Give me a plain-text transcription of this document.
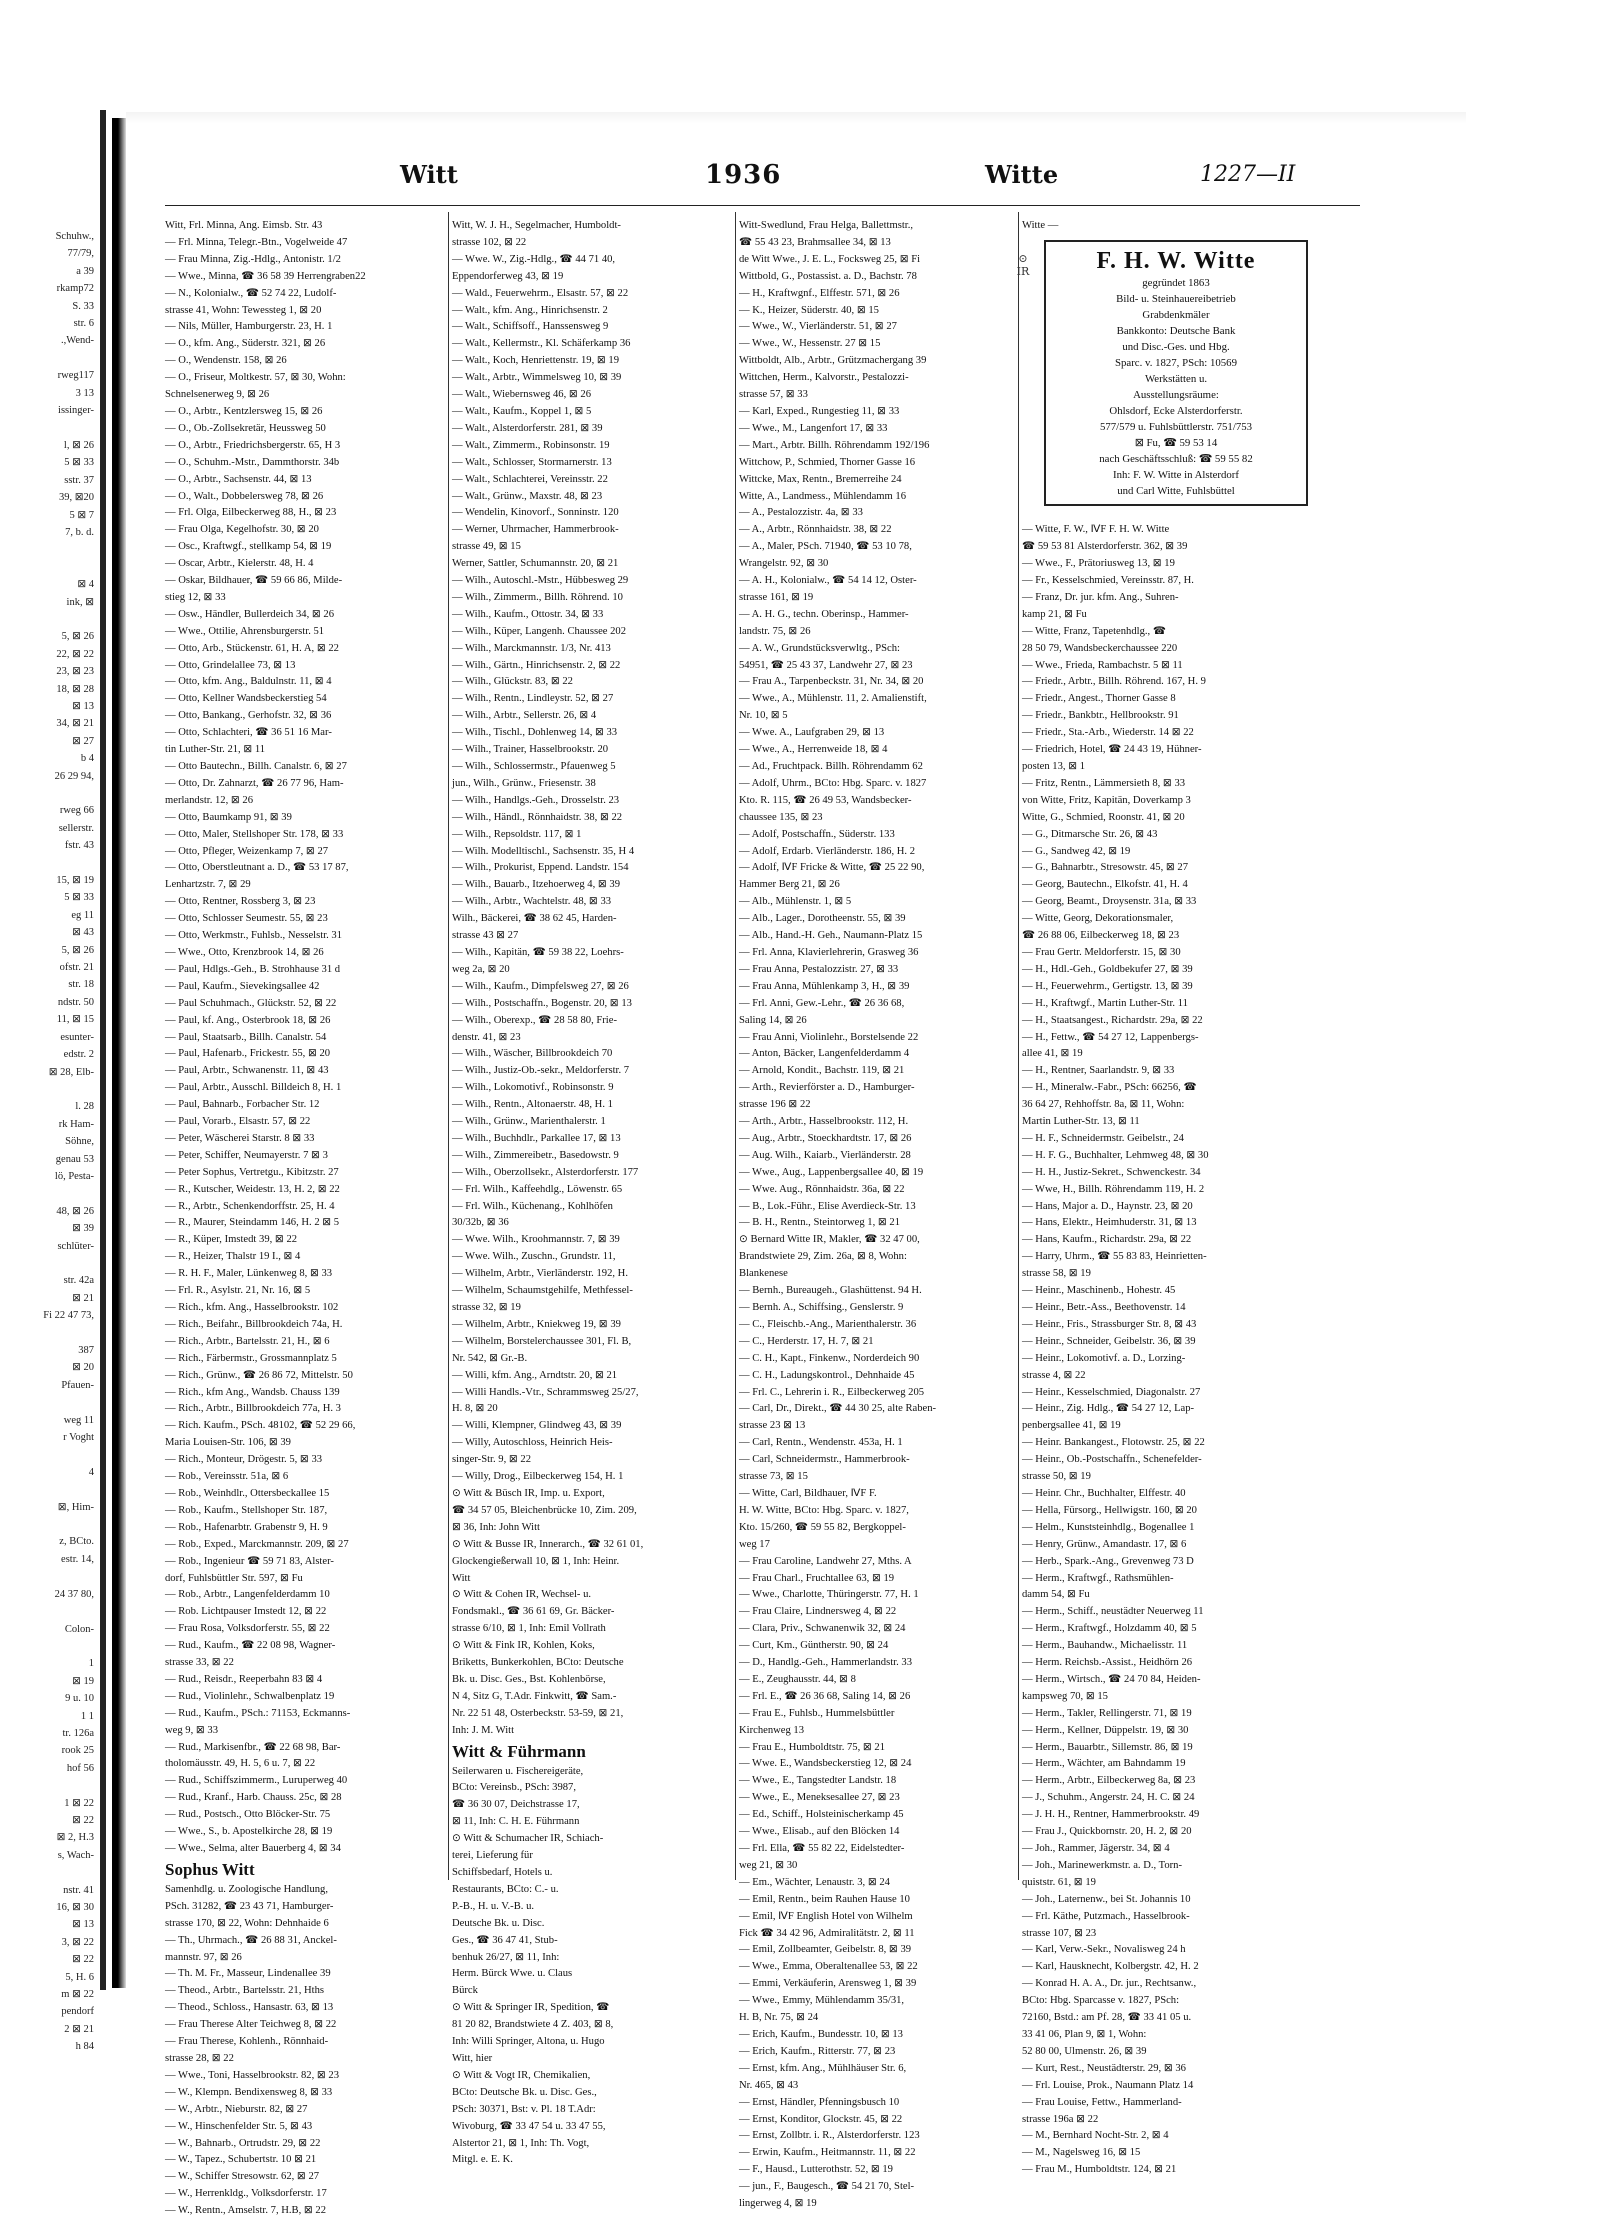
Schuhw.,
77/79,
a 39
rkamp72
S. 33
str. 6
.,Wend-

rweg117
3 13
issinger-

l, ⊠ 26
5 ⊠ 33
sstr. 37
39, ⊠20
5 ⊠ 7
7, b. d.

⊠ 4
ink, ⊠

5, ⊠ 26
22, ⊠ 22
23, ⊠ 23
18, ⊠ 28
⊠ 13
34, ⊠ 21
⊠ 27
b 4
26 29 94,

rweg 66
sellerstr.
fstr. 43

15, ⊠ 19
5 ⊠ 33
eg 11
⊠ 43
5, ⊠ 26
ofstr. 21
str. 18
ndstr. 50
11, ⊠ 15
esunter-
edstr. 2
⊠ 28, Elb-

l. 28
rk Ham-
Söhne,
genau 53
lö, Pesta-

48, ⊠ 26
⊠ 39
schlüter-

str. 42a
⊠ 21
Fi 22 47 73,

387
⊠ 20
Pfauen-

weg 11
r Voght

4

⊠, Him-

z, BCto.
estr. 14,

24 37 80,

Colon-

1
⊠ 19
9 u. 10
1 1
tr. 126a
rook 25
hof 56

1 ⊠ 22
⊠ 22
⊠ 2, H.3
s, Wach-

nstr. 41
16, ⊠ 30
⊠ 13
3, ⊠ 22
⊠ 22
5, H. 6
m ⊠ 22
pendorf
2 ⊠ 21
h 84
Witt	1936	Witte	1227—II
Witt, Frl. Minna, Ang. Eimsb. Str. 43
— Frl. Minna, Telegr.-Btn., Vogelweide 47
— Frau Minna, Zig.-Hdlg., Antonistr. 1/2
— Wwe., Minna, ☎ 36 58 39 Herrengraben22
— N., Kolonialw., ☎ 52 74 22, Ludolf-
strasse 41, Wohn: Tewessteg 1, ⊠ 20
— Nils, Müller, Hamburgerstr. 23, H. 1
— O., kfm. Ang., Süderstr. 321, ⊠ 26
— O., Wendenstr. 158, ⊠ 26
— O., Friseur, Moltkestr. 57, ⊠ 30, Wohn:
Schnelsenerweg 9, ⊠ 26
— O., Arbtr., Kentzlersweg 15, ⊠ 26
— O., Ob.-Zollsekretär, Heussweg 50
— O., Arbtr., Friedrichsbergerstr. 65, H 3
— O., Schuhm.-Mstr., Dammthorstr. 34b
— O., Arbtr., Sachsenstr. 44, ⊠ 13
— O., Walt., Dobbelersweg 78, ⊠ 26
— Frl. Olga, Eilbeckerweg 88, H., ⊠ 23
— Frau Olga, Kegelhofstr. 30, ⊠ 20
— Osc., Kraftwgf., stellkamp 54, ⊠ 19
— Oscar, Arbtr., Kielerstr. 48, H. 4
— Oskar, Bildhauer, ☎ 59 66 86, Milde-
stieg 12, ⊠ 33
— Osw., Händler, Bullerdeich 34, ⊠ 26
— Wwe., Ottilie, Ahrensburgerstr. 51
— Otto, Arb., Stückenstr. 61, H. A, ⊠ 22
— Otto, Grindelallee 73, ⊠ 13
— Otto, kfm. Ang., Baldulnstr. 11, ⊠ 4
— Otto, Kellner Wandsbeckerstieg 54
— Otto, Bankang., Gerhofstr. 32, ⊠ 36
— Otto, Schlachteri, ☎ 36 51 16 Mar-
tin Luther-Str. 21, ⊠ 11
— Otto Bautechn., Billh. Canalstr. 6, ⊠ 27
— Otto, Dr. Zahnarzt, ☎ 26 77 96, Ham-
merlandstr. 12, ⊠ 26
— Otto, Baumkamp 91, ⊠ 39
— Otto, Maler, Stellshoper Str. 178, ⊠ 33
— Otto, Pfleger, Weizenkamp 7, ⊠ 27
— Otto, Oberstleutnant a. D., ☎ 53 17 87,
Lenhartzstr. 7, ⊠ 29
— Otto, Rentner, Rossberg 3, ⊠ 23
— Otto, Schlosser Seumestr. 55, ⊠ 23
— Otto, Werkmstr., Fuhlsb., Nesselstr. 31
— Wwe., Otto, Krenzbrook 14, ⊠ 26
— Paul, Hdlgs.-Geh., B. Strohhause 31 d
— Paul, Kaufm., Sievekingsallee 42
— Paul Schuhmach., Glückstr. 52, ⊠ 22
— Paul, kf. Ang., Osterbrook 18, ⊠ 26
— Paul, Staatsarb., Billh. Canalstr. 54
— Paul, Hafenarb., Frickestr. 55, ⊠ 20
— Paul, Arbtr., Schwanenstr. 11, ⊠ 43
— Paul, Arbtr., Ausschl. Billdeich 8, H. 1
— Paul, Bahnarb., Forbacher Str. 12
— Paul, Vorarb., Elsastr. 57, ⊠ 22
— Peter, Wäscherei Starstr. 8 ⊠ 33
— Peter, Schiffer, Neumayerstr. 7 ⊠ 3
— Peter Sophus, Vertretgu., Kibitzstr. 27
— R., Kutscher, Weidestr. 13, H. 2, ⊠ 22
— R., Arbtr., Schenkendorffstr. 25, H. 4
— R., Maurer, Steindamm 146, H. 2 ⊠ 5
— R., Küper, Imstedt 39, ⊠ 22
— R., Heizer, Thalstr 19 I., ⊠ 4
— R. H. F., Maler, Lünkenweg 8, ⊠ 33
— Frl. R., Asylstr. 21, Nr. 16, ⊠ 5
— Rich., kfm. Ang., Hasselbrookstr. 102
— Rich., Beifahr., Billbrookdeich 74a, H.
— Rich., Arbtr., Bartelsstr. 21, H., ⊠ 6
— Rich., Färbermstr., Grossmannplatz 5
— Rich., Grünw., ☎ 26 86 72, Mittelstr. 50
— Rich., kfm Ang., Wandsb. Chauss 139
— Rich., Arbtr., Billbrookdeich 77a, H. 3
— Rich. Kaufm., PSch. 48102, ☎ 52 29 66,
Maria Louisen-Str. 106, ⊠ 39
— Rich., Monteur, Drögestr. 5, ⊠ 33
— Rob., Vereinsstr. 51a, ⊠ 6
— Rob., Weinhdlr., Ottersbeckallee 15
— Rob., Kaufm., Stellshoper Str. 187,
— Rob., Hafenarbtr. Grabenstr 9, H. 9
— Rob., Exped., Marckmannstr. 209, ⊠ 27
— Rob., Ingenieur ☎ 59 71 83, Alster-
dorf, Fuhlsbüttler Str. 597, ⊠ Fu
— Rob., Arbtr., Langenfelderdamm 10
— Rob. Lichtpauser Imstedt 12, ⊠ 22
— Frau Rosa, Volksdorferstr. 55, ⊠ 22
— Rud., Kaufm., ☎ 22 08 98, Wagner-
strasse 33, ⊠ 22
— Rud., Reisdr., Reeperbahn 83 ⊠ 4
— Rud., Violinlehr., Schwalbenplatz 19
— Rud., Kaufm., PSch.: 71153, Eckmanns-
weg 9, ⊠ 33
— Rud., Markisenfbr., ☎ 22 68 98, Bar-
tholomäusstr. 49, H. 5, 6 u. 7, ⊠ 22
— Rud., Schiffszimmerm., Luruperweg 40
— Rud., Kranf., Harb. Chauss. 25c, ⊠ 28
— Rud., Postsch., Otto Blöcker-Str. 75
— Wwe., S., b. Apostelkirche 28, ⊠ 19
— Wwe., Selma, alter Bauerberg 4, ⊠ 34
Sophus Witt
Samenhdlg. u. Zoologische Handlung,
PSch. 31282, ☎ 23 43 71, Hamburger-
strasse 170, ⊠ 22, Wohn: Dehnhaide 6
— Th., Uhrmach., ☎ 26 88 31, Anckel-
mannstr. 97, ⊠ 26
— Th. M. Fr., Masseur, Lindenallee 39
— Theod., Arbtr., Bartelsstr. 21, Hths
— Theod., Schloss., Hansastr. 63, ⊠ 13
— Frau Therese Alter Teichweg 8, ⊠ 22
— Frau Therese, Kohlenh., Rönnhaid-
strasse 28, ⊠ 22
— Wwe., Toni, Hasselbrookstr. 82, ⊠ 23
— W., Klempn. Bendixensweg 8, ⊠ 33
— W., Arbtr., Nieburstr. 82, ⊠ 27
— W., Hinschenfelder Str. 5, ⊠ 43
— W., Bahnarb., Ortrudstr. 29, ⊠ 22
— W., Tapez., Schubertstr. 10 ⊠ 21
— W., Schiffer Stresowstr. 62, ⊠ 27
— W., Herrenkldg., Volksdorferstr. 17
— W., Rentn., Amselstr. 7, H.B, ⊠ 22
Witt, W. J. H., Segelmacher, Humboldt-
strasse 102, ⊠ 22
— Wwe. W., Zig.-Hdlg., ☎ 44 71 40,
Eppendorferweg 43, ⊠ 19
— Wald., Feuerwehrm., Elsastr. 57, ⊠ 22
— Walt., kfm. Ang., Hinrichsenstr. 2
— Walt., Schiffsoff., Hanssensweg 9
— Walt., Kellermstr., Kl. Schäferkamp 36
— Walt., Koch, Henriettenstr. 19, ⊠ 19
— Walt., Arbtr., Wimmelsweg 10, ⊠ 39
— Walt., Wiebernsweg 46, ⊠ 26
— Walt., Kaufm., Koppel 1, ⊠ 5
— Walt., Alsterdorferstr. 281, ⊠ 39
— Walt., Zimmerm., Robinsonstr. 19
— Walt., Schlosser, Stormarnerstr. 13
— Walt., Schlachterei, Vereinsstr. 22
— Walt., Grünw., Maxstr. 48, ⊠ 23
— Wendelin, Kinovorf., Sonninstr. 120
— Werner, Uhrmacher, Hammerbrook-
strasse 49, ⊠ 15
Werner, Sattler, Schumannstr. 20, ⊠ 21
— Wilh., Autoschl.-Mstr., Hübbesweg 29
— Wilh., Zimmerm., Billh. Röhrend. 10
— Wilh., Kaufm., Ottostr. 34, ⊠ 33
— Wilh., Küper, Langenh. Chaussee 202
— Wilh., Marckmannstr. 1/3, Nr. 413
— Wilh., Gärtn., Hinrichsenstr. 2, ⊠ 22
— Wilh., Glückstr. 83, ⊠ 22
— Wilh., Rentn., Lindleystr. 52, ⊠ 27
— Wilh., Arbtr., Sellerstr. 26, ⊠ 4
— Wilh., Tischl., Dohlenweg 14, ⊠ 33
— Wilh., Trainer, Hasselbrookstr. 20
— Wilh., Schlossermstr., Pfauenweg 5
jun., Wilh., Grünw., Friesenstr. 38
— Wilh., Handlgs.-Geh., Drosselstr. 23
— Wilh., Händl., Rönnhaidstr. 38, ⊠ 22
— Wilh., Repsoldstr. 117, ⊠ 1
— Wilh. Modelltischl., Sachsenstr. 35, H 4
— Wilh., Prokurist, Eppend. Landstr. 154
— Wilh., Bauarb., Itzehoerweg 4, ⊠ 39
— Wilh., Arbtr., Wachtelstr. 48, ⊠ 33
Wilh., Bäckerei, ☎ 38 62 45, Harden-
strasse 43 ⊠ 27
— Wilh., Kapitän, ☎ 59 38 22, Loehrs-
weg 2a, ⊠ 20
— Wilh., Kaufm., Dimpfelsweg 27, ⊠ 26
— Wilh., Postschaffn., Bogenstr. 20, ⊠ 13
— Wilh., Oberexp., ☎ 28 58 80, Frie-
denstr. 41, ⊠ 23
— Wilh., Wäscher, Billbrookdeich 70
— Wilh., Justiz-Ob.-sekr., Meldorferstr. 7
— Wilh., Lokomotivf., Robinsonstr. 9
— Wilh., Rentn., Altonaerstr. 48, H. 1
— Wilh., Grünw., Marienthalerstr. 1
— Wilh., Buchhdlr., Parkallee 17, ⊠ 13
— Wilh., Zimmereibetr., Basedowstr. 9
— Wilh., Oberzollsekr., Alsterdorferstr. 177
— Frl. Wilh., Kaffeehdlg., Löwenstr. 65
— Frl. Wilh., Küchenang., Kohlhöfen
30/32b, ⊠ 36
— Wwe. Wilh., Kroohmannstr. 7, ⊠ 39
— Wwe. Wilh., Zuschn., Grundstr. 11,
— Wilhelm, Arbtr., Vierländerstr. 192, H.
— Wilhelm, Schaumstgehilfe, Methfessel-
strasse 32, ⊠ 19
— Wilhelm, Arbtr., Kniekweg 19, ⊠ 39
— Wilhelm, Borstelerchaussee 301, Fl. B,
Nr. 542, ⊠ Gr.-B.
— Willi, kfm. Ang., Arndtstr. 20, ⊠ 21
— Willi Handls.-Vtr., Schrammsweg 25/27,
H. 8, ⊠ 20
— Willi, Klempner, Glindweg 43, ⊠ 39
— Willy, Autoschloss, Heinrich Heis-
singer-Str. 9, ⊠ 22
— Willy, Drog., Eilbeckerweg 154, H. 1
⊙ Witt & Büsch IR, Imp. u. Export,
☎ 34 57 05, Bleichenbrücke 10, Zim. 209,
⊠ 36, Inh: John Witt
⊙ Witt & Busse IR, Innerarch., ☎ 32 61 01,
Glockengießerwall 10, ⊠ 1, Inh: Heinr.
Witt
⊙ Witt & Cohen IR, Wechsel- u.
Fondsmakl., ☎ 36 61 69, Gr. Bäcker-
strasse 6/10, ⊠ 1, Inh: Emil Vollrath
⊙ Witt & Fink IR, Kohlen, Koks,
Briketts, Bunkerkohlen, BCto: Deutsche
Bk. u. Disc. Ges., Bst. Kohlenbörse,
N 4, Sitz G, T.Adr. Finkwitt, ☎ Sam.-
Nr. 22 51 48, Osterbeckstr. 53-59, ⊠ 21,
Inh: J. M. Witt
Witt & Führmann
Seilerwaren u. Fischereigeräte,
BCto: Vereinsb., PSch: 3987,
☎ 36 30 07, Deichstrasse 17,
⊠ 11, Inh: C. H. E. Führmann
⊙ Witt & Schumacher IR, Schiach-
terei, Lieferung für
Schiffsbedarf, Hotels u.
Restaurants, BCto: C.- u.
P.-B., H. u. V.-B. u.
Deutsche Bk. u. Disc.
Ges., ☎ 36 47 41, Stub-
benhuk 26/27, ⊠ 11, Inh:
Herm. Bürck Wwe. u. Claus
Bürck
⊙ Witt & Springer IR, Spedition, ☎
81 20 82, Brandstwiete 4 Z. 403, ⊠ 8,
Inh: Willi Springer, Altona, u. Hugo
Witt, hier
⊙ Witt & Vogt IR, Chemikalien,
BCto: Deutsche Bk. u. Disc. Ges.,
PSch: 30371, Bst: v. Pl. 18 T.Adr:
Wivoburg, ☎ 33 47 54 u. 33 47 55,
Alstertor 21, ⊠ 1, Inh: Th. Vogt,
Mitgl. e. E. K.
Witt-Swedlund, Frau Helga, Ballettmstr.,
☎ 55 43 23, Brahmsallee 34, ⊠ 13
de Witt Wwe., J. E. L., Focksweg 25, ⊠ Fi
Wittbold, G., Postassist. a. D., Bachstr. 78
— H., Kraftwgnf., Elffestr. 571, ⊠ 26
— K., Heizer, Süderstr. 40, ⊠ 15
— Wwe., W., Vierländerstr. 51, ⊠ 27
— Wwe., W., Hessenstr. 27 ⊠ 15
Wittboldt, Alb., Arbtr., Grützmachergang 39
Wittchen, Herm., Kalvorstr., Pestalozzi-
strasse 57, ⊠ 33
— Karl, Exped., Rungestieg 11, ⊠ 33
— Wwe., M., Langenfort 17, ⊠ 33
— Mart., Arbtr. Billh. Röhrendamm 192/196
Wittchow, P., Schmied, Thorner Gasse 16
Wittcke, Max, Rentn., Bremerreihe 24
Witte, A., Landmess., Mühlendamm 16
— A., Pestalozzistr. 4a, ⊠ 33
— A., Arbtr., Rönnhaidstr. 38, ⊠ 22
— A., Maler, PSch. 71940, ☎ 53 10 78,
Wrangelstr. 92, ⊠ 30
— A. H., Kolonialw., ☎ 54 14 12, Oster-
strasse 161, ⊠ 19
— A. H. G., techn. Oberinsp., Hammer-
landstr. 75, ⊠ 26
— A. W., Grundstücksverwltg., PSch:
54951, ☎ 25 43 37, Landwehr 27, ⊠ 23
— Frau A., Tarpenbeckstr. 31, Nr. 34, ⊠ 20
— Wwe., A., Mühlenstr. 11, 2. Amalienstift,
Nr. 10, ⊠ 5
— Wwe. A., Laufgraben 29, ⊠ 13
— Wwe., A., Herrenweide 18, ⊠ 4
— Ad., Fruchtpack. Billh. Röhrendamm 62
— Adolf, Uhrm., BCto: Hbg. Sparc. v. 1827
Kto. R. 115, ☎ 26 49 53, Wandsbecker-
chaussee 135, ⊠ 23
— Adolf, Postschaffn., Süderstr. 133
— Adolf, Erdarb. Vierländerstr. 186, H. 2
— Adolf, ⅣF Fricke & Witte, ☎ 25 22 90,
Hammer Berg 21, ⊠ 26
— Alb., Mühlenstr. 1, ⊠ 5
— Alb., Lager., Dorotheenstr. 55, ⊠ 39
— Alb., Hand.-H. Geh., Naumann-Platz 15
— Frl. Anna, Klavierlehrerin, Grasweg 36
— Frau Anna, Pestalozzistr. 27, ⊠ 33
— Frau Anna, Mühlenkamp 3, H., ⊠ 39
— Frl. Anni, Gew.-Lehr., ☎ 26 36 68,
Saling 14, ⊠ 26
— Frau Anni, Violinlehr., Borstelsende 22
— Anton, Bäcker, Langenfelderdamm 4
— Arnold, Kondit., Bachstr. 119, ⊠ 21
— Arth., Revierförster a. D., Hamburger-
strasse 196 ⊠ 22
— Arth., Arbtr., Hasselbrookstr. 112, H.
— Aug., Arbtr., Stoeckhardtstr. 17, ⊠ 26
— Aug. Wilh., Kaiarb., Vierländerstr. 28
— Wwe., Aug., Lappenbergsallee 40, ⊠ 19
— Wwe. Aug., Rönnhaidstr. 36a, ⊠ 22
— B., Lok.-Führ., Elise Averdieck-Str. 13
— B. H., Rentn., Steintorweg 1, ⊠ 21
⊙ Bernard Witte IR, Makler, ☎ 32 47 00,
Brandstwiete 29, Zim. 26a, ⊠ 8, Wohn:
Blankenese
— Bernh., Bureaugeh., Glashüttenst. 94 H.
— Bernh. A., Schiffsing., Genslerstr. 9
— C., Fleischb.-Ang., Marienthalerstr. 36
— C., Herderstr. 17, H. 7, ⊠ 21
— C. H., Kapt., Finkenw., Norderdeich 90
— C. H., Ladungskontrol., Dehnhaide 45
— Frl. C., Lehrerin i. R., Eilbeckerweg 205
— Carl, Dr., Direkt., ☎ 44 30 25, alte Raben-
strasse 23 ⊠ 13
— Carl, Rentn., Wendenstr. 453a, H. 1
— Carl, Schneidermstr., Hammerbrook-
strasse 73, ⊠ 15
— Witte, Carl, Bildhauer, ⅣF F.
H. W. Witte, BCto: Hbg. Sparc. v. 1827,
Kto. 15/260, ☎ 59 55 82, Bergkoppel-
weg 17
— Frau Caroline, Landwehr 27, Mths. A
— Frau Charl., Fruchtallee 63, ⊠ 19
— Wwe., Charlotte, Thüringerstr. 77, H. 1
— Frau Claire, Lindnersweg 4, ⊠ 22
— Clara, Priv., Schwanenwik 32, ⊠ 24
— Curt, Km., Güntherstr. 90, ⊠ 24
— D., Handlg.-Geh., Hammerlandstr. 33
— E., Zeughausstr. 44, ⊠ 8
— Frl. E., ☎ 26 36 68, Saling 14, ⊠ 26
— Frau E., Fuhlsb., Hummelsbüttler
Kirchenweg 13
— Frau E., Humboldtstr. 75, ⊠ 21
— Wwe. E., Wandsbeckerstieg 12, ⊠ 24
— Wwe., E., Tangstedter Landstr. 18
— Wwe., E., Meneksesallee 27, ⊠ 23
— Ed., Schiff., Holsteinischerkamp 45
— Wwe., Elisab., auf den Blöcken 14
— Frl. Ella, ☎ 55 82 22, Eidelstedter-
weg 21, ⊠ 30
— Em., Wächter, Lenaustr. 3, ⊠ 24
— Emil, Rentn., beim Rauhen Hause 10
— Emil, ⅣF English Hotel von Wilhelm
Fick ☎ 34 42 96, Admiralitätstr. 2, ⊠ 11
— Emil, Zollbeamter, Geibelstr. 8, ⊠ 39
— Wwe., Emma, Oberaltenallee 53, ⊠ 22
— Emmi, Verkäuferin, Arensweg 1, ⊠ 39
— Wwe., Emmy, Mühlendamm 35/31,
H. B, Nr. 75, ⊠ 24
— Erich, Kaufm., Bundesstr. 10, ⊠ 13
— Erich, Kaufm., Ritterstr. 77, ⊠ 23
— Ernst, kfm. Ang., Mühlhäuser Str. 6,
Nr. 465, ⊠ 43
— Ernst, Händler, Pfenningsbusch 10
— Ernst, Konditor, Glockstr. 45, ⊠ 22
— Ernst, Zollbtr. i. R., Alsterdorferstr. 123
— Erwin, Kaufm., Heitmannstr. 11, ⊠ 22
— F., Hausd., Lutterothstr. 52, ⊠ 19
— jun., F., Baugesch., ☎ 54 21 70, Stel-
lingerweg 4, ⊠ 19
Witte —

— Witte, F. W., ⅣF F. H. W. Witte
☎ 59 53 81 Alsterdorferstr. 362, ⊠ 39
— Wwe., F., Prätoriusweg 13, ⊠ 19
— Fr., Kesselschmied, Vereinsstr. 87, H.
— Franz, Dr. jur. kfm. Ang., Suhren-
kamp 21, ⊠ Fu
— Witte, Franz, Tapetenhdlg., ☎
28 50 79, Wandsbeckerchaussee 220
— Wwe., Frieda, Rambachstr. 5 ⊠ 11
— Friedr., Arbtr., Billh. Röhrend. 167, H. 9
— Friedr., Angest., Thorner Gasse 8
— Friedr., Bankbtr., Hellbrookstr. 91
— Friedr., Sta.-Arb., Wiederstr. 14 ⊠ 22
— Friedrich, Hotel, ☎ 24 43 19, Hühner-
posten 13, ⊠ 1
— Fritz, Rentn., Lämmersieth 8, ⊠ 33
von Witte, Fritz, Kapitän, Doverkamp 3
Witte, G., Schmied, Roonstr. 41, ⊠ 20
— G., Ditmarsche Str. 26, ⊠ 43
— G., Sandweg 42, ⊠ 19
— G., Bahnarbtr., Stresowstr. 45, ⊠ 27
— Georg, Bautechn., Elkofstr. 41, H. 4
— Georg, Beamt., Droysenstr. 31a, ⊠ 33
— Witte, Georg, Dekorationsmaler,
☎ 26 88 06, Eilbeckerweg 18, ⊠ 23
— Frau Gertr. Meldorferstr. 15, ⊠ 30
— H., Hdl.-Geh., Goldbekufer 27, ⊠ 39
— H., Feuerwehrm., Gertigstr. 13, ⊠ 39
— H., Kraftwgf., Martin Luther-Str. 11
— H., Staatsangest., Richardstr. 29a, ⊠ 22
— H., Fettw., ☎ 54 27 12, Lappenbergs-
allee 41, ⊠ 19
— H., Rentner, Saarlandstr. 9, ⊠ 33
— H., Mineralw.-Fabr., PSch: 66256, ☎
36 64 27, Rehhoffstr. 8a, ⊠ 11, Wohn:
Martin Luther-Str. 13, ⊠ 11
— H. F., Schneidermstr. Geibelstr., 24
— H. F. G., Buchhalter, Lehmweg 48, ⊠ 30
— H. H., Justiz-Sekret., Schwenckestr. 34
— Wwe, H., Billh. Röhrendamm 119, H. 2
— Hans, Major a. D., Haynstr. 23, ⊠ 20
— Hans, Elektr., Heimhuderstr. 31, ⊠ 13
— Hans, Kaufm., Richardstr. 29a, ⊠ 22
— Harry, Uhrm., ☎ 55 83 83, Heinrietten-
strasse 58, ⊠ 19
— Heinr., Maschinenb., Hohestr. 45
— Heinr., Betr.-Ass., Beethovenstr. 14
— Heinr., Fris., Strassburger Str. 8, ⊠ 43
— Heinr., Schneider, Geibelstr. 36, ⊠ 39
— Heinr., Lokomotivf. a. D., Lorzing-
strasse 4, ⊠ 22
— Heinr., Kesselschmied, Diagonalstr. 27
— Heinr., Zig. Hdlg., ☎ 54 27 12, Lap-
penbergsallee 41, ⊠ 19
— Heinr. Bankangest., Flotowstr. 25, ⊠ 22
— Heinr., Ob.-Postschaffn., Schenefelder-
strasse 50, ⊠ 19
— Heinr. Chr., Buchhalter, Elffestr. 40
— Hella, Fürsorg., Hellwigstr. 160, ⊠ 20
— Helm., Kunststeinhdlg., Bogenallee 1
— Henry, Grünw., Amandastr. 17, ⊠ 6
— Herb., Spark.-Ang., Grevenweg 73 D
— Herm., Kraftwgf., Rathsmühlen-
damm 54, ⊠ Fu
— Herm., Schiff., neustädter Neuerweg 11
— Herm., Kraftwgf., Holzdamm 40, ⊠ 5
— Herm., Bauhandw., Michaelisstr. 11
— Herm. Reichsb.-Assist., Heidhörn 26
— Herm., Wirtsch., ☎ 24 70 84, Heiden-
kampsweg 70, ⊠ 15
— Herm., Takler, Rellingerstr. 71, ⊠ 19
— Herm., Kellner, Düppelstr. 19, ⊠ 30
— Herm., Bauarbtr., Sillemstr. 86, ⊠ 19
— Herm., Wächter, am Bahndamm 19
— Herm., Arbtr., Eilbeckerweg 8a, ⊠ 23
— J., Schuhm., Angerstr. 24, H. C. ⊠ 24
— J. H. H., Rentner, Hammerbrookstr. 49
— Frau J., Quickbornstr. 20, H. 2, ⊠ 20
— Joh., Rammer, Jägerstr. 34, ⊠ 4
— Joh., Marinewerkmstr. a. D., Torn-
quiststr. 61, ⊠ 19
— Joh., Laternenw., bei St. Johannis 10
— Frl. Käthe, Putzmach., Hasselbrook-
strasse 107, ⊠ 23
— Karl, Verw.-Sekr., Novalisweg 24 h
— Karl, Hausknecht, Kolbergstr. 42, H. 2
— Konrad H. A. A., Dr. jur., Rechtsanw.,
BCto: Hbg. Sparcasse v. 1827, PSch:
72160, Bstd.: am Pf. 28, ☎ 33 41 05 u.
33 41 06, Plan 9, ⊠ 1, Wohn:
52 80 00, Ulmenstr. 26, ⊠ 39
— Kurt, Rest., Neustädterstr. 29, ⊠ 36
— Frl. Louise, Prok., Naumann Platz 14
— Frau Louise, Fettw., Hammerland-
strasse 196a ⊠ 22
— M., Bernhard Nocht-Str. 2, ⊠ 4
— M., Nagelsweg 16, ⊠ 15
— Frau M., Humboldtstr. 124, ⊠ 21
⊙
IR	F. H. W. Witte
gegründet 1863
Bild- u. Steinhauereibetrieb
Grabdenkmäler
Bankkonto: Deutsche Bank
und Disc.-Ges. und Hbg.
Sparc. v. 1827, PSch: 10569
Werkstätten u.
Ausstellungsräume:
Ohlsdorf, Ecke Alsterdorferstr.
577/579 u. Fuhlsbüttlerstr. 751/753
⊠ Fu, ☎ 59 53 14
nach Geschäftsschluß: ☎ 59 55 82
Inh: F. W. Witte in Alsterdorf
und Carl Witte, Fuhlsbüttel
